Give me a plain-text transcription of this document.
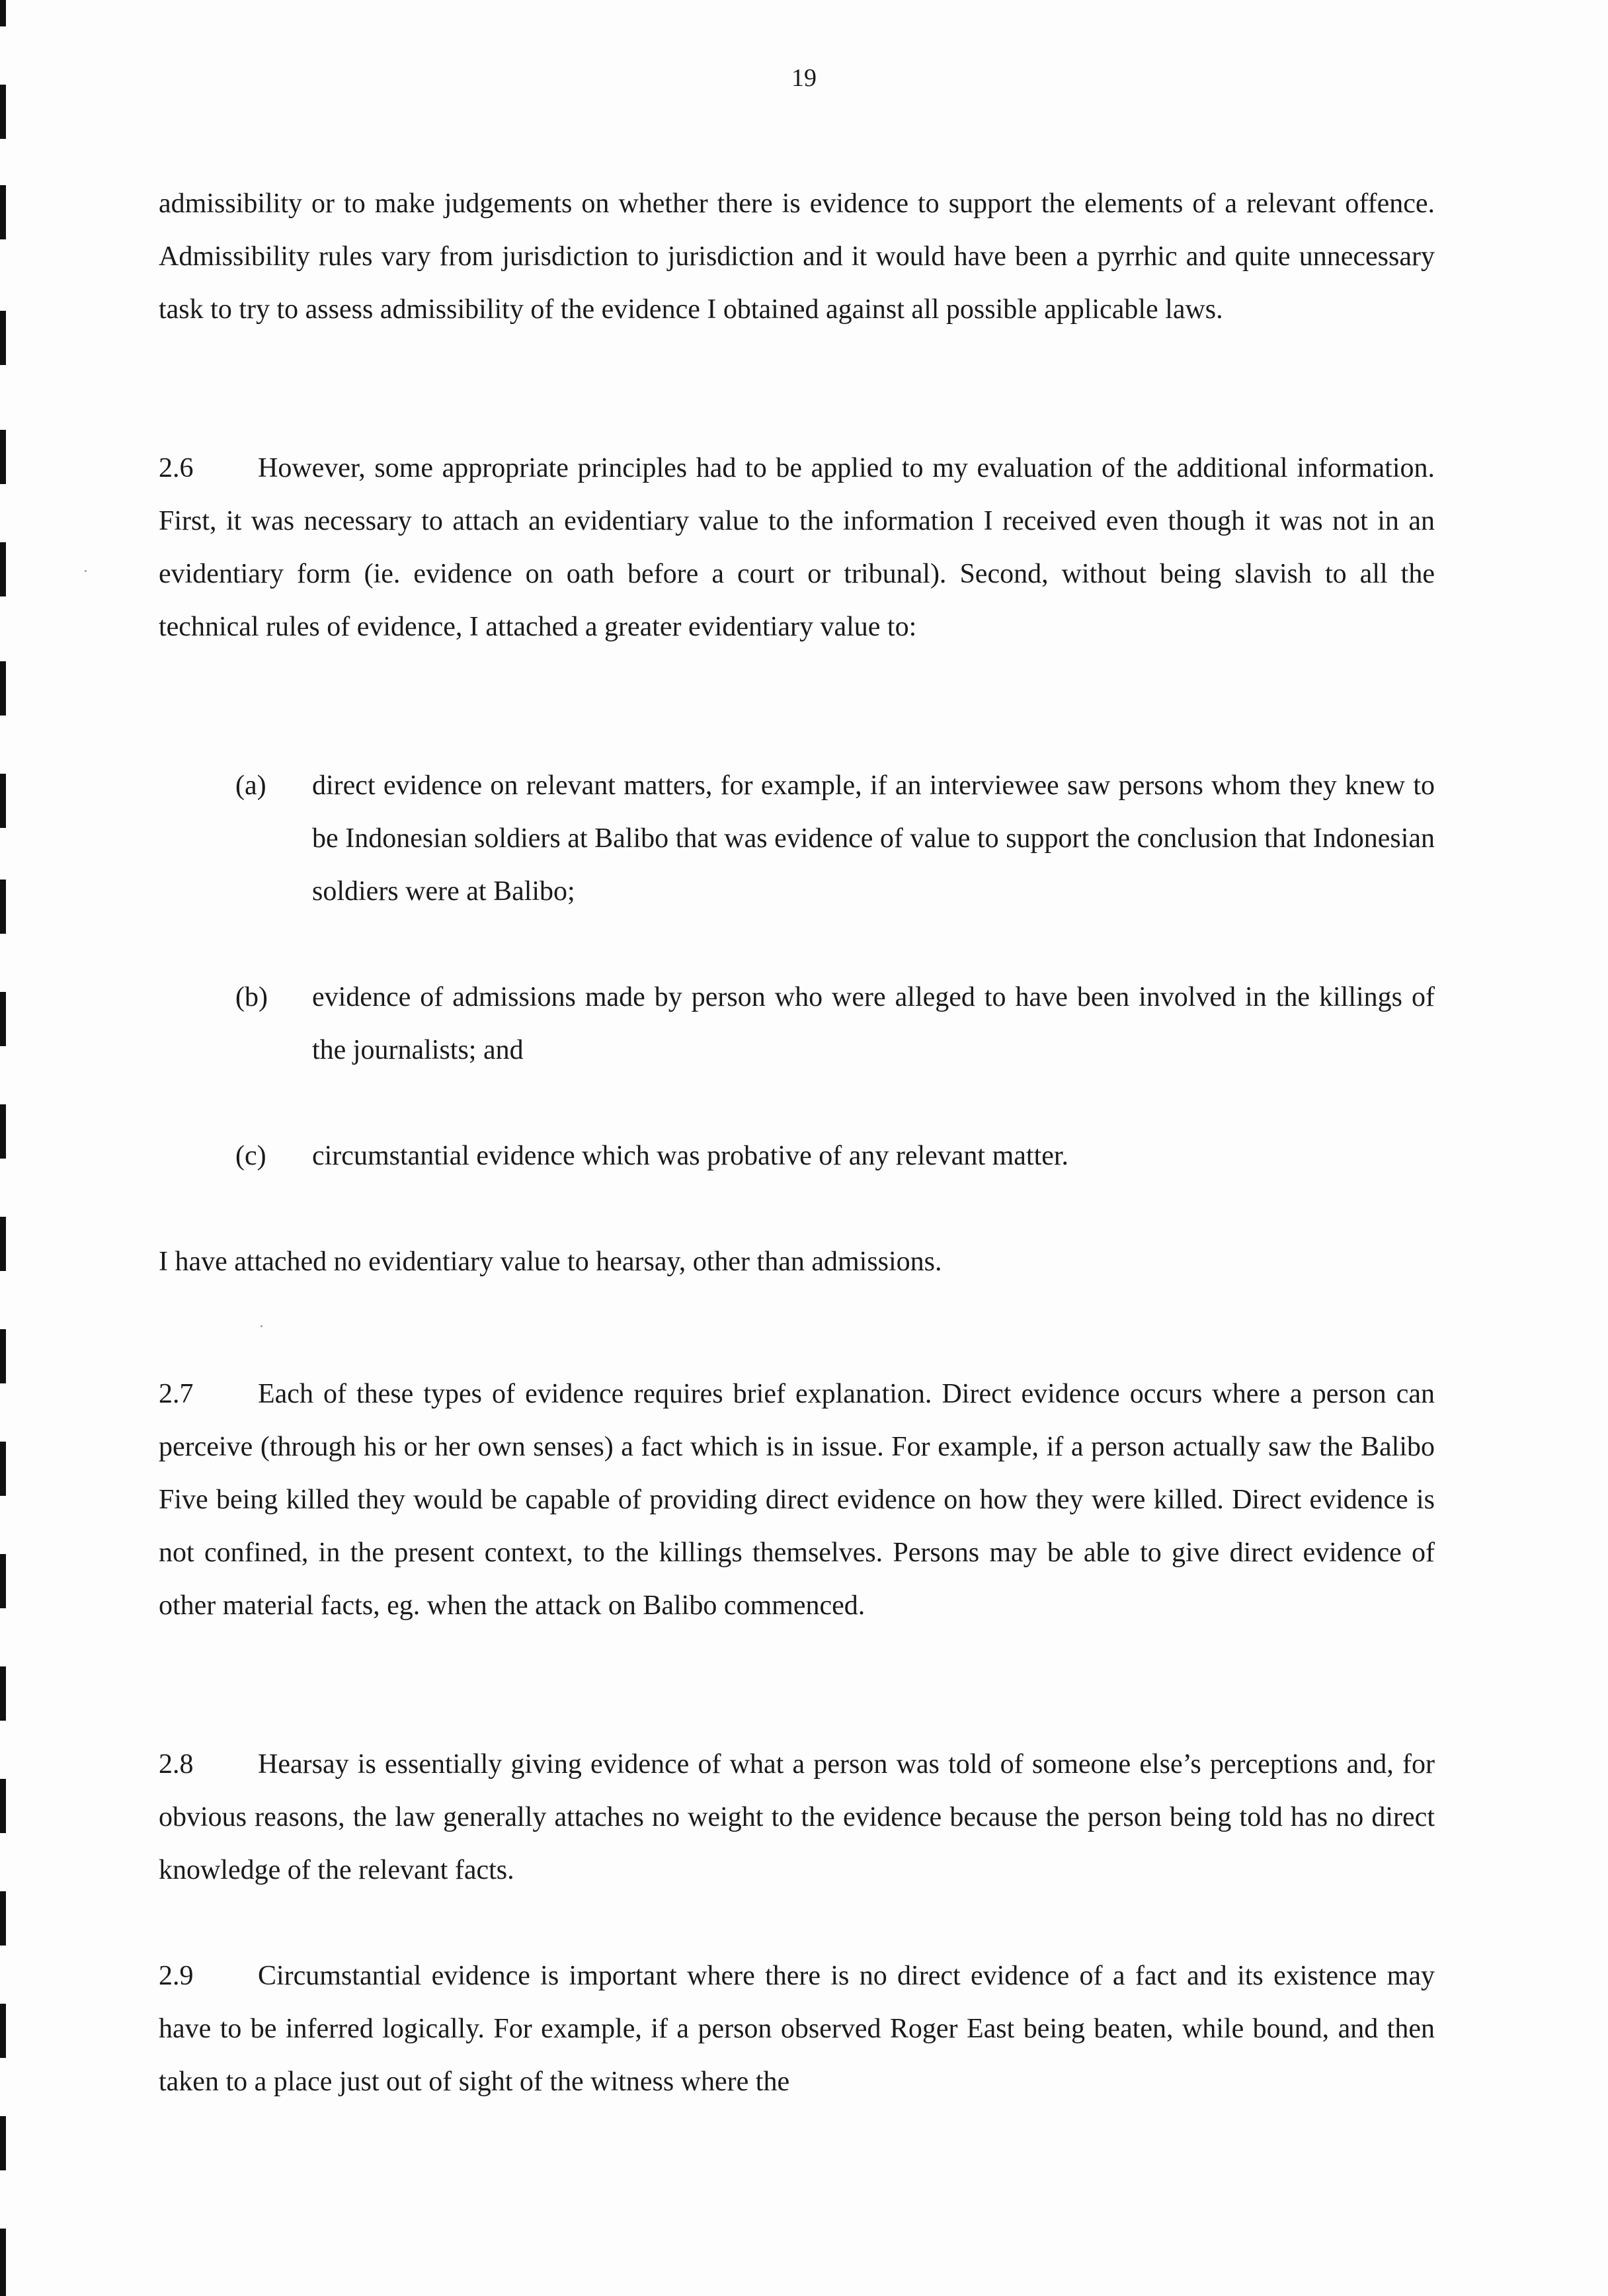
19

admissibility or to make judgements on whether there is evidence to support the elements of a relevant offence. Admissibility rules vary from jurisdiction to jurisdiction and it would have been a pyrrhic and quite unnecessary task to try to assess admissibility of the evidence I obtained against all possible applicable laws.

2.6 However, some appropriate principles had to be applied to my evaluation of the additional information. First, it was necessary to attach an evidentiary value to the information I received even though it was not in an evidentiary form (ie. evidence on oath before a court or tribunal). Second, without being slavish to all the technical rules of evidence, I attached a greater evidentiary value to:

(a) direct evidence on relevant matters, for example, if an interviewee saw persons whom they knew to be Indonesian soldiers at Balibo that was evidence of value to support the conclusion that Indonesian soldiers were at Balibo;
(b) evidence of admissions made by person who were alleged to have been involved in the killings of the journalists; and
(c) circumstantial evidence which was probative of any relevant matter.

I have attached no evidentiary value to hearsay, other than admissions.

2.7 Each of these types of evidence requires brief explanation. Direct evidence occurs where a person can perceive (through his or her own senses) a fact which is in issue. For example, if a person actually saw the Balibo Five being killed they would be capable of providing direct evidence on how they were killed. Direct evidence is not confined, in the present context, to the killings themselves. Persons may be able to give direct evidence of other material facts, eg. when the attack on Balibo commenced.

2.8 Hearsay is essentially giving evidence of what a person was told of someone else’s perceptions and, for obvious reasons, the law generally attaches no weight to the evidence because the person being told has no direct knowledge of the relevant facts.

2.9 Circumstantial evidence is important where there is no direct evidence of a fact and its existence may have to be inferred logically. For example, if a person observed Roger East being beaten, while bound, and then taken to a place just out of sight of the witness where the
